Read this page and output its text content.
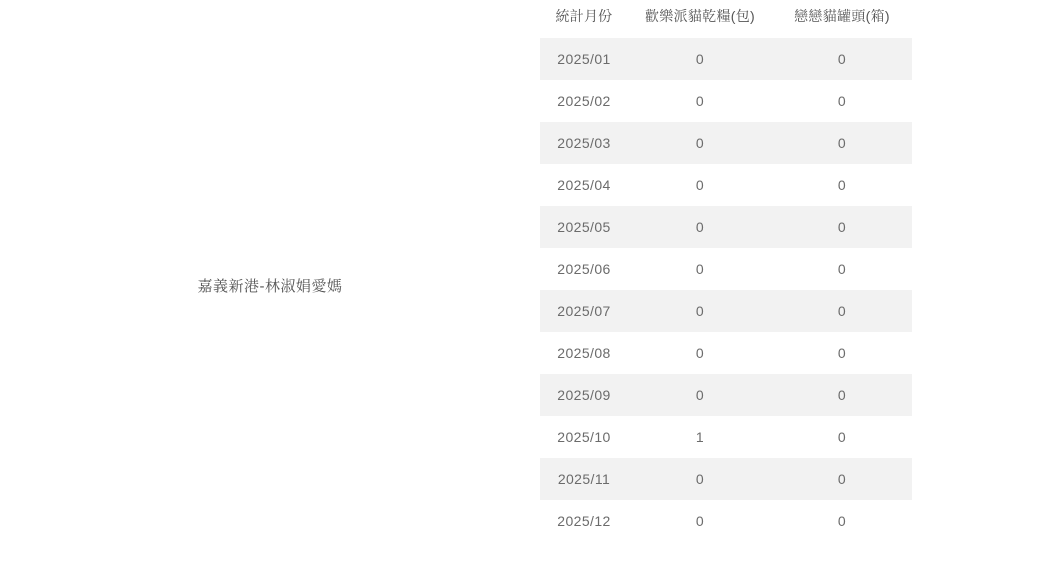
嘉義新港-林淑娟愛媽
統計月份	歡樂派貓乾糧(包)	戀戀貓罐頭(箱)
2025/01	0	0
2025/02	0	0
2025/03	0	0
2025/04	0	0
2025/05	0	0
2025/06	0	0
2025/07	0	0
2025/08	0	0
2025/09	0	0
2025/10	1	0
2025/11	0	0
2025/12	0	0
